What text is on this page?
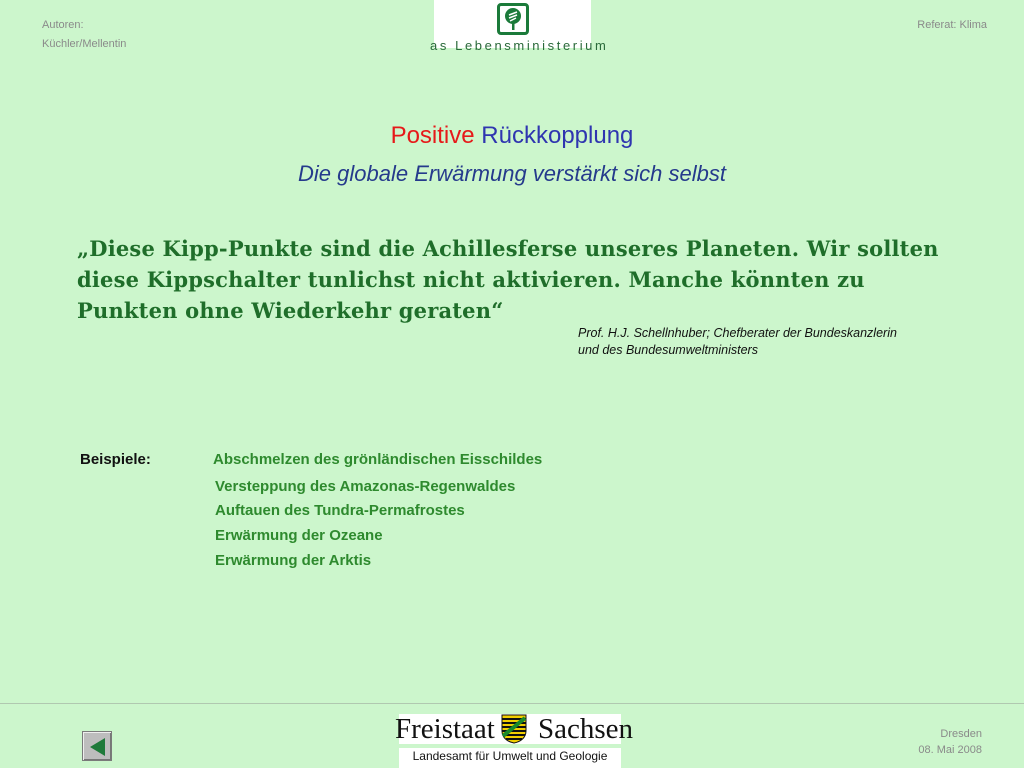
Autoren:
Küchler/Mellentin	as Lebensministerium
Referat: Klima
Positive Rückkopplung
Die globale Erwärmung verstärkt sich selbst
„Diese Kipp-Punkte sind die Achillesferse unseres Planeten. Wir sollten diese Kippschalter tunlichst nicht aktivieren. Manche könnten zu Punkten ohne Wiederkehr geraten“
Prof. H.J. Schellnhuber; Chefberater der Bundeskanzlerin
und des Bundesumweltministers
Beispiele:	Abschmelzen des grönländischen Eisschildes
Versteppung des Amazonas-Regenwaldes
Auftauen des Tundra-Permafrostes
Erwärmung der Ozeane
Erwärmung der Arktis
Freistaat Sachsen
Landesamt für Umwelt und Geologie
Dresden
08. Mai 2008
